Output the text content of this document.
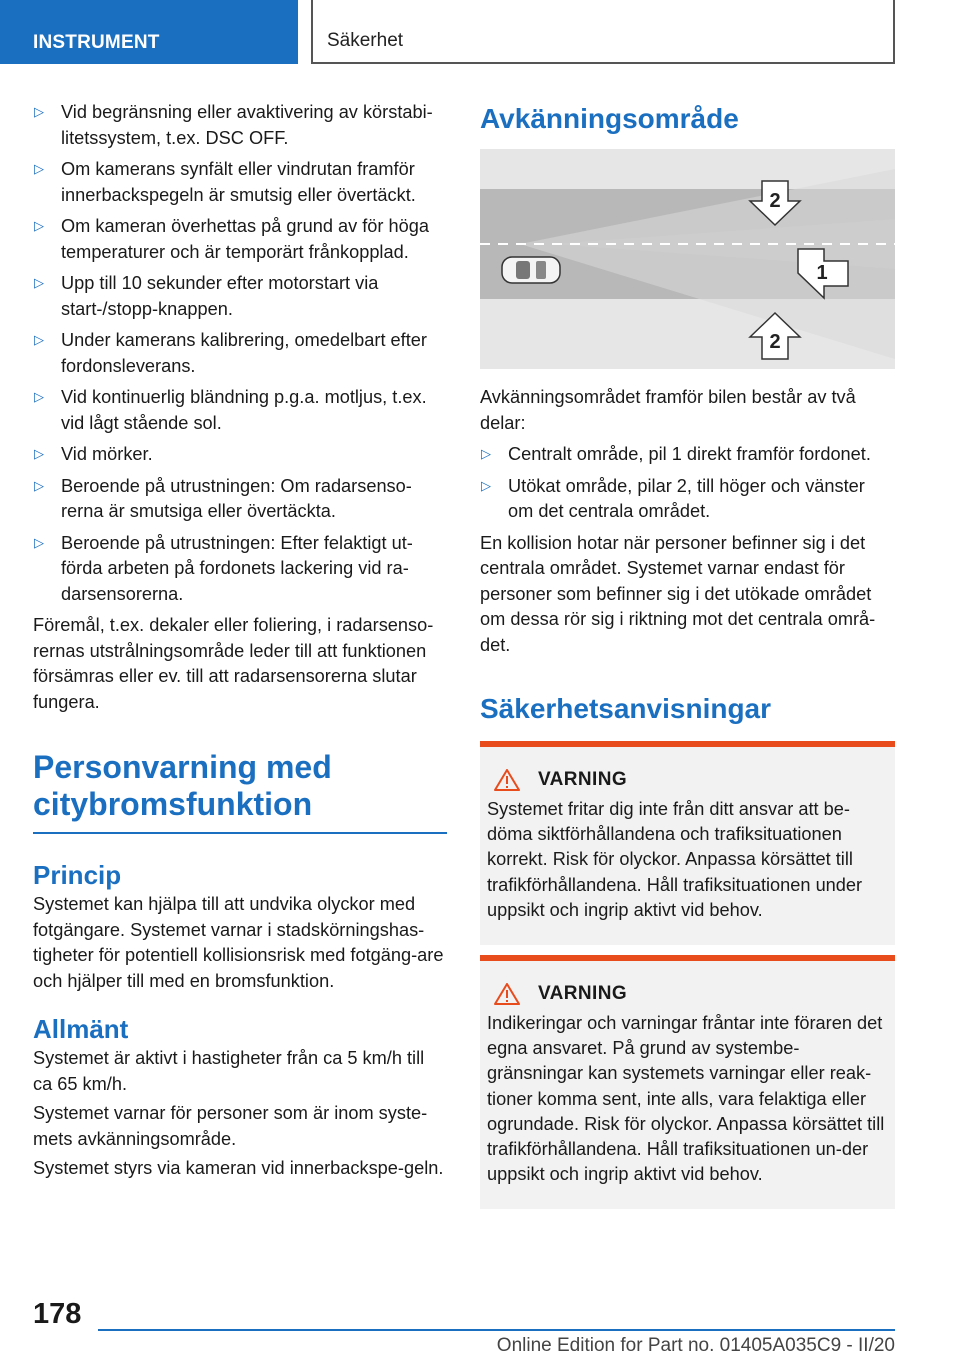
INSTRUMENT	Säkerhet
▷ Vid begränsning eller avaktivering av körstabi-litetssystem, t.ex. DSC OFF.
▷ Om kamerans synfält eller vindrutan framför innerbackspegeln är smutsig eller övertäckt.
▷ Om kameran överhettas på grund av för höga temperaturer och är temporärt frånkopplad.
▷ Upp till 10 sekunder efter motorstart via start-/stopp-knappen.
▷ Under kamerans kalibrering, omedelbart efter fordonsleverans.
▷ Vid kontinuerlig bländning p.g.a. motljus, t.ex. vid lågt stående sol.
▷ Vid mörker.
▷ Beroende på utrustningen: Om radarsenso-rerna är smutsiga eller övertäckta.
▷ Beroende på utrustningen: Efter felaktigt ut-förda arbeten på fordonets lackering vid ra-darsensorerna.

Föremål, t.ex. dekaler eller foliering, i radarsenso-rernas utstrålningsområde leder till att funktionen försämras eller ev. till att radarsensorerna slutar fungera.

Personvarning med citybromsfunktion
Princip

Systemet kan hjälpa till att undvika olyckor med fotgängare. Systemet varnar i stadskörningshas-tigheter för potentiell kollisionsrisk med fotgäng-are och hjälper till med en bromsfunktion.

Allmänt

Systemet är aktivt i hastigheter från ca 5 km/h till ca 65 km/h.

Systemet varnar för personer som är inom syste-mets avkänningsområde.

Systemet styrs via kameran vid innerbackspe-geln.

Avkänningsområde
2
1
2

Avkänningsområdet framför bilen består av två delar:

▷ Centralt område, pil 1 direkt framför fordonet.
▷ Utökat område, pilar 2, till höger och vänster om det centrala området.

En kollision hotar när personer befinner sig i det centrala området. Systemet varnar endast för personer som befinner sig i det utökade området om dessa rör sig i riktning mot det centrala områ-det.

Säkerhetsanvisningar
VARNING

Systemet fritar dig inte från ditt ansvar att be-döma siktförhållandena och trafiksituationen korrekt. Risk för olyckor. Anpassa körsättet till trafikförhållandena. Håll trafiksituationen under uppsikt och ingrip aktivt vid behov.

VARNING

Indikeringar och varningar fråntar inte föraren det egna ansvaret. På grund av systembe-gränsningar kan systemets varningar eller reak-tioner komma sent, inte alls, vara felaktiga eller ogrundade. Risk för olyckor. Anpassa körsättet till trafikförhållandena. Håll trafiksituationen un-der uppsikt och ingrip aktivt vid behov.

178
Online Edition for Part no. 01405A035C9 - II/20
